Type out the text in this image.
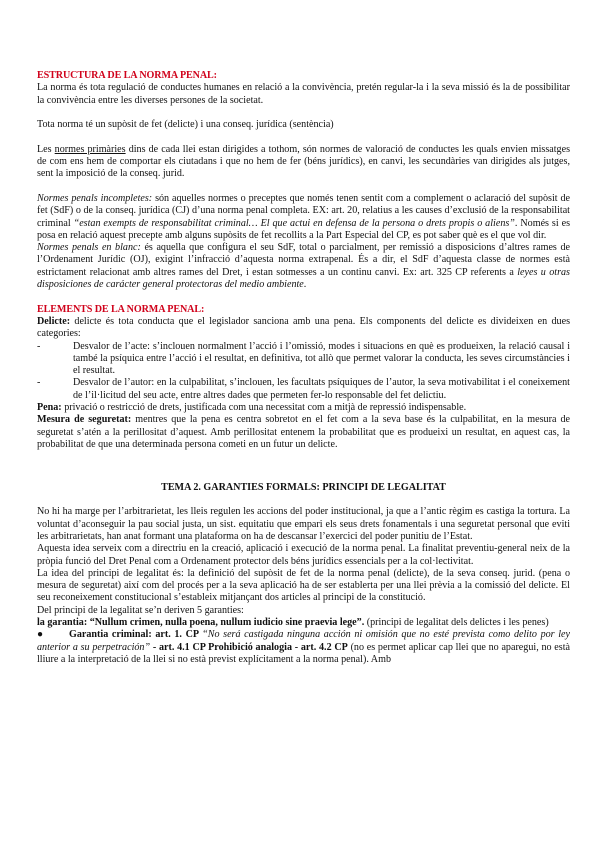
ESTRUCTURA DE LA NORMA PENAL:

La norma és tota regulació de conductes humanes en relació a la convivència, pretén regular-la i la seva missió és la de possibilitar la convivència entre les diverses persones de la societat.

Tota norma té un supòsit de fet (delicte) i una conseq. jurídica (sentència)

Les normes primàries dins de cada llei estan dirigides a tothom, són normes de valoració de conductes les quals envien missatges de com ens hem de comportar els ciutadans i que no hem de fer (béns jurídics), en canvi, les secundàries van dirigides als jutges, sent la imposició de la conseq. jurid.

Normes penals incompletes: són aquelles normes o preceptes que només tenen sentit com a complement o aclaració del supòsit de fet (SdF) o de la conseq. jurídica (CJ) d’una norma penal completa. EX: art. 20, relatius a les causes d’exclusió de la responsabilitat criminal “estan exempts de responsabilitat criminal… El que actui en defensa de la persona o drets propis o aliens”. Només si es posa en relació aquest precepte amb alguns supòsits de fet recollits a la Part Especial del CP, es pot saber què es el que vol dir.

Normes penals en blanc: és aquella que configura el seu SdF, total o parcialment, per remissió a disposicions d’altres rames de l’Ordenament Jurídic (OJ), exigint l’infracció d’aquesta norma extrapenal. És a dir, el SdF d’aquesta classe de normes està estrictament relacionat amb altres rames del Dret, i estan sotmesses a un continu canvi. Ex: art. 325 CP referents a leyes u otras disposiciones de carácter general protectoras del medio ambiente.

ELEMENTS DE LA NORMA PENAL:

Delicte: delicte és tota conducta que el legislador sanciona amb una pena. Els components del delicte es divideixen en dues categories:

-	Desvalor de l’acte: s’inclouen normalment l’acció i l’omissió, modes i situacions en què es produeixen, la relació causal i també la psíquica entre l’acció i el resultat, en definitiva, tot allò que permet valorar la conducta, les seves circumstàncies i el resultat.
-	Desvalor de l’autor: en la culpabilitat, s’inclouen, les facultats psíquiques de l’autor, la seva motivabilitat i el coneixement de l’il·licitud del seu acte, entre altres dades que permeten fer-lo responsable del fet delictiu.

Pena: privació o restricció de drets, justificada com una necessitat com a mitjà de repressió indispensable.

Mesura de seguretat: mentres que la pena es centra sobretot en el fet com a la seva base és la culpabilitat, en la mesura de seguretat s’atén a la perillositat d’aquest. Amb perillositat entenem la probabilitat que es produeixi un resultat, en aquest cas, la probabilitat de que una determinada persona cometi en un futur un delicte.

TEMA 2. GARANTIES FORMALS: PRINCIPI DE LEGALITAT

No hi ha marge per l’arbitrarietat, les lleis regulen les accions del poder institucional, ja que a l’antic règim es castiga la tortura. La voluntat d’aconseguir la pau social justa, un sist. equitatiu que empari els seus drets fonamentals i una seguretat personal que eviti les arbitrarietats, han anat formant una plataforma on ha de descansar l’exercici del poder punitiu de l’Estat.

Aquesta idea serveix com a directriu en la creació, aplicació i execució de la norma penal. La finalitat preventiu-general neix de la pròpia funció del Dret Penal com a Ordenament protector dels béns jurídics essencials per a la col·lectivitat.

La idea del principi de legalitat és: la definició del supòsit de fet de la norma penal (delicte), de la seva conseq. jurid. (pena o mesura de seguretat) així com del procés per a la seva aplicació ha de ser establerta per una llei prèvia a la comissió del delicte. El seu reconeixement constitucional s’estableix mitjançant dos articles al principi de la constitució.

Del principi de la legalitat se’n deriven 5 garanties:

la garantia: “Nullum crimen, nulla poena, nullum iudicio sine praevia lege”. (principi de legalitat dels delictes i les penes)

●	Garantia criminal: art. 1. CP “No será castigada ninguna acción ni omisión que no esté prevista como delito por ley anterior a su perpetración” - art. 4.1 CP Prohibició analogia - art. 4.2 CP (no es permet aplicar cap llei que no aparegui, no està lliure a la interpretació de la llei si no està previst explícitament a la norma penal). Amb
